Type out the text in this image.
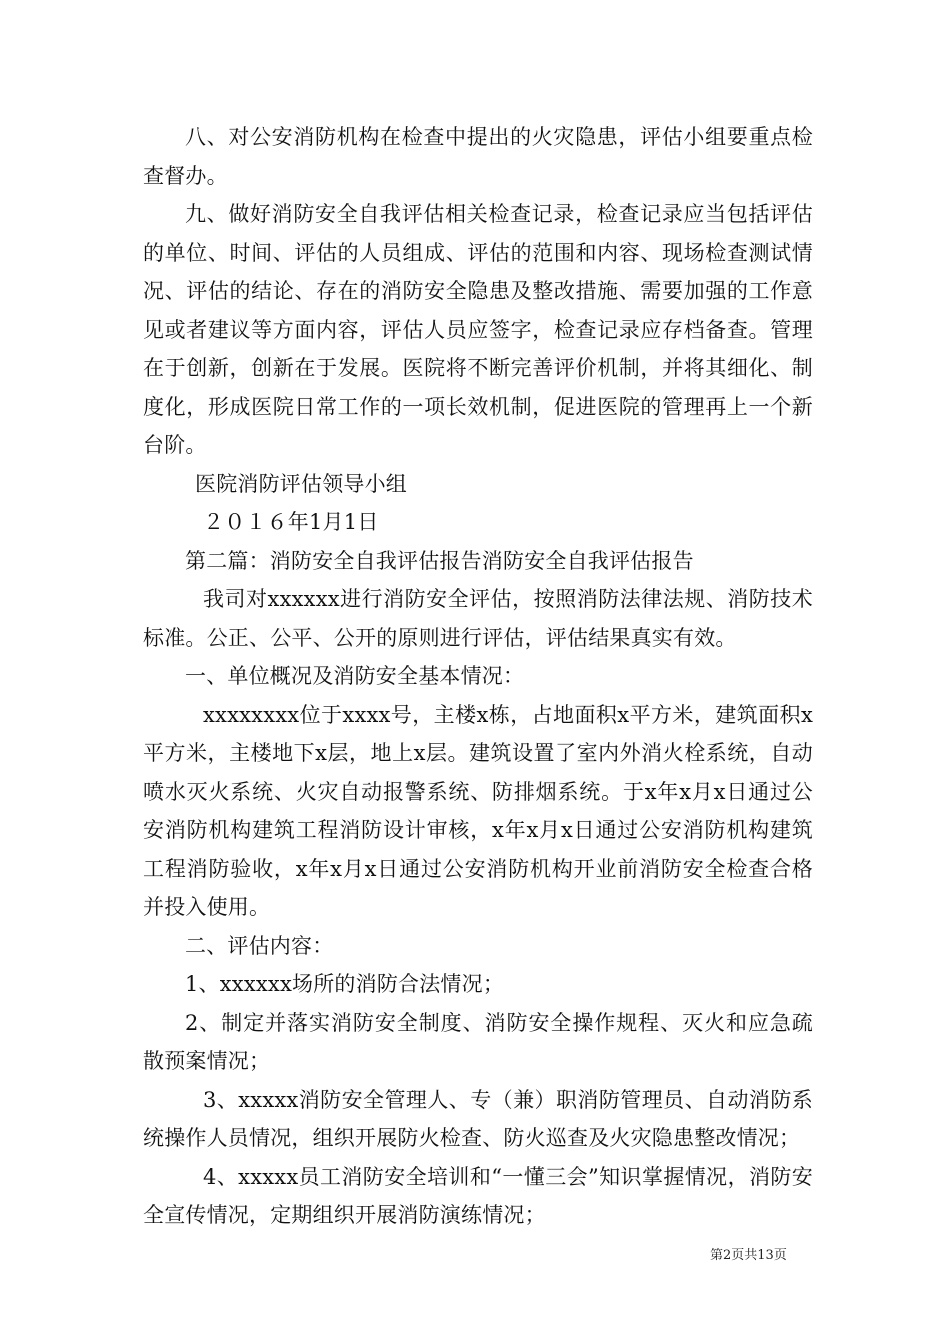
八、对公安消防机构在检查中提出的火灾隐患，评估小组要重点检查督办。

九、做好消防安全自我评估相关检查记录，检查记录应当包括评估的单位、时间、评估的人员组成、评估的范围和内容、现场检查测试情况、评估的结论、存在的消防安全隐患及整改措施、需要加强的工作意见或者建议等方面内容，评估人员应签字，检查记录应存档备查。管理在于创新，创新在于发展。医院将不断完善评价机制，并将其细化、制度化，形成医院日常工作的一项长效机制，促进医院的管理再上一个新台阶。

医院消防评估领导小组

２０１６年1月1日

第二篇：消防安全自我评估报告消防安全自我评估报告

我司对xxxxxx进行消防安全评估，按照消防法律法规、消防技术标准。公正、公平、公开的原则进行评估，评估结果真实有效。

一、单位概况及消防安全基本情况：

xxxxxxxx位于xxxx号，主楼x栋，占地面积x平方米，建筑面积x平方米，主楼地下x层，地上x层。建筑设置了室内外消火栓系统，自动喷水灭火系统、火灾自动报警系统、防排烟系统。于x年x月x日通过公安消防机构建筑工程消防设计审核，x年x月x日通过公安消防机构建筑工程消防验收，x年x月x日通过公安消防机构开业前消防安全检查合格并投入使用。

二、评估内容：

1、xxxxxx场所的消防合法情况；

2、制定并落实消防安全制度、消防安全操作规程、灭火和应急疏散预案情况；

3、xxxxx消防安全管理人、专（兼）职消防管理员、自动消防系统操作人员情况，组织开展防火检查、防火巡查及火灾隐患整改情况；

4、xxxxx员工消防安全培训和“一懂三会”知识掌握情况，消防安全宣传情况，定期组织开展消防演练情况；

第2页共13页
